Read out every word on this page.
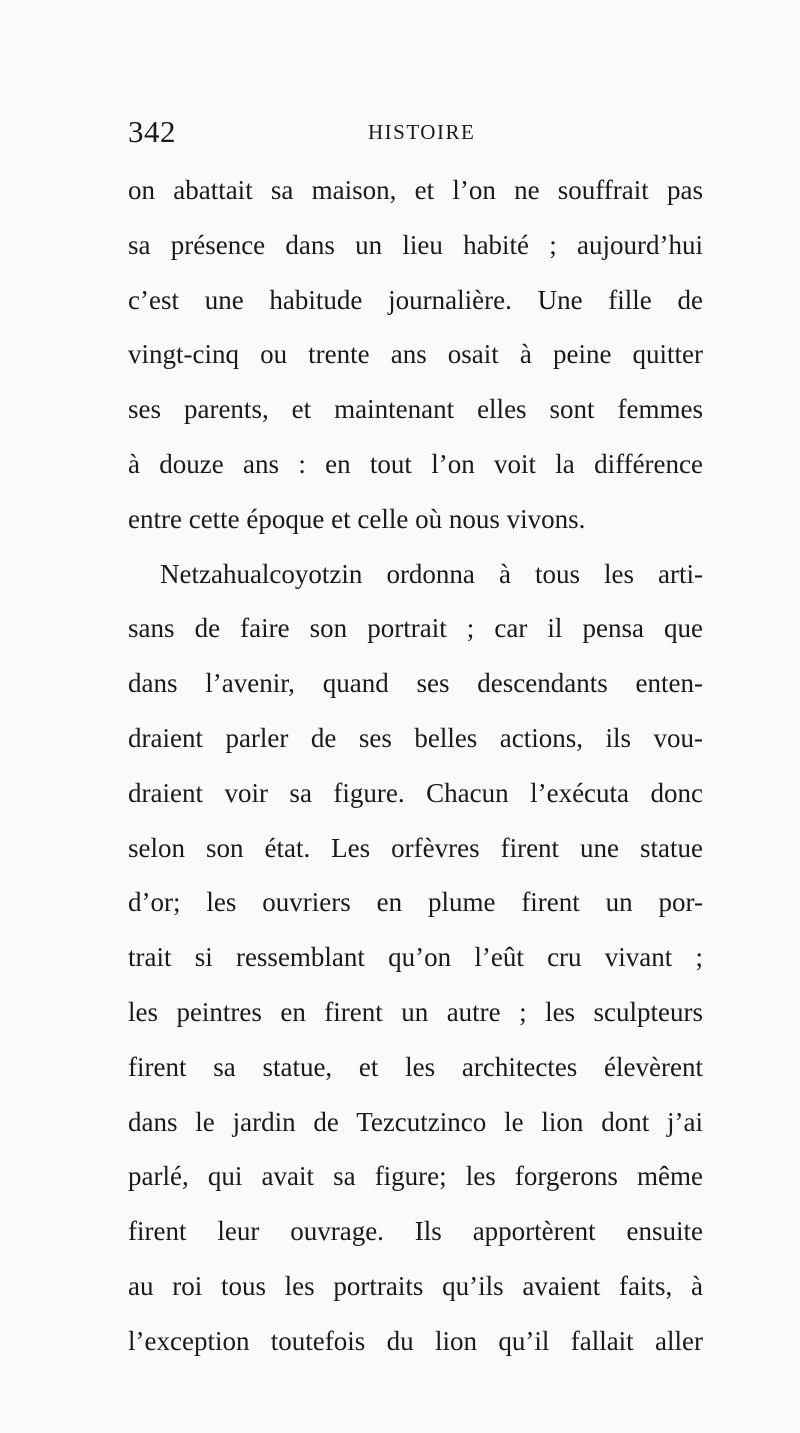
342	HISTOIRE
on abattait sa maison, et l’on ne souffrait pas
sa présence dans un lieu habité ; aujourd’hui
c’est une habitude journalière. Une fille de
vingt-cinq ou trente ans osait à peine quitter
ses parents, et maintenant elles sont femmes
à douze ans : en tout l’on voit la différence
entre cette époque et celle où nous vivons.
Netzahualcoyotzin ordonna à tous les arti-
sans de faire son portrait ; car il pensa que
dans l’avenir, quand ses descendants enten-
draient parler de ses belles actions, ils vou-
draient voir sa figure. Chacun l’exécuta donc
selon son état. Les orfèvres firent une statue
d’or; les ouvriers en plume firent un por-
trait si ressemblant qu’on l’eût cru vivant ;
les peintres en firent un autre ; les sculpteurs
firent sa statue, et les architectes élevèrent
dans le jardin de Tezcutzinco le lion dont j’ai
parlé, qui avait sa figure; les forgerons même
firent leur ouvrage. Ils apportèrent ensuite
au roi tous les portraits qu’ils avaient faits, à
l’exception toutefois du lion qu’il fallait aller
